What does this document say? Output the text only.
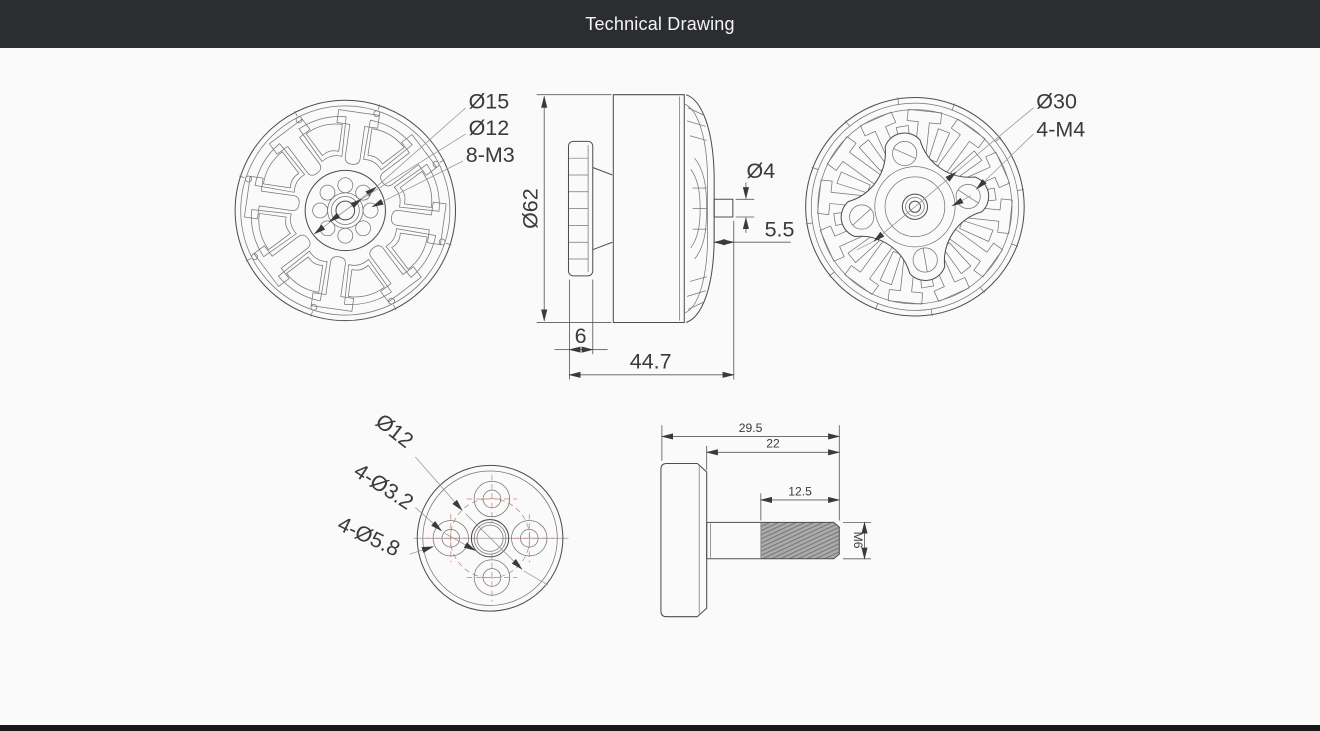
Technical Drawing
Ø15
Ø12
8-M3
Ø62
6
44.7
Ø4
5.5
Ø30
4-M4
Ø12
4-Ø3.2
4-Ø5.8
29.5
22
12.5
M6
